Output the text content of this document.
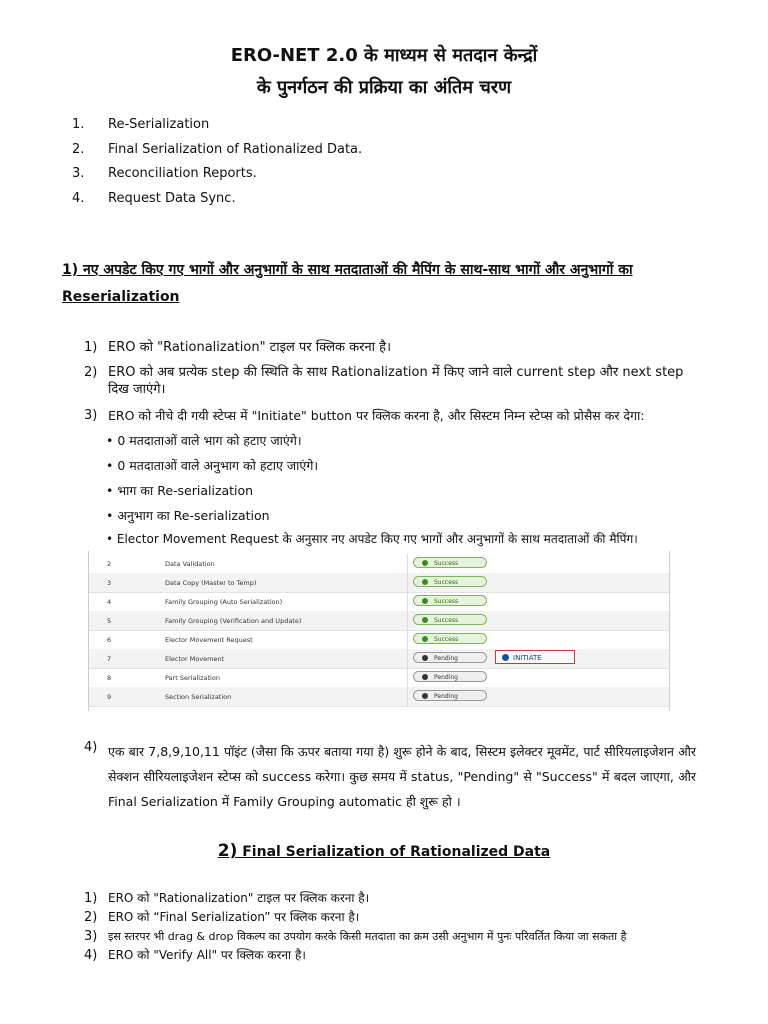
ERO-NET 2.0 के माध्यम से मतदान केन्द्रों
के पुनर्गठन की प्रक्रिया का अंतिम चरण
1. Re-Serialization
2. Final Serialization of Rationalized Data.
3. Reconciliation Reports.
4. Request Data Sync.
1) नए अपडेट किए गए भागों और अनुभागों के साथ मतदाताओं की मैपिंग के साथ-साथ भागों और अनुभागों का
Reserialization
1) ERO को "Rationalization" टाइल पर क्लिक करना है।
2) ERO को अब प्रत्येक step की स्थिति के साथ Rationalization में किए जाने वाले current step और next step दिख जाएंगे।
3) ERO को नीचे दी गयी स्टेप्स में "Initiate" button पर क्लिक करना है, और सिस्टम निम्न स्टेप्स को प्रोसैस कर देगा:
• 0 मतदाताओं वाले भाग को हटाए जाएंगे।
• 0 मतदाताओं वाले अनुभाग को हटाए जाएंगे।
• भाग का Re-serialization
• अनुभाग का Re-serialization
• Elector Movement Request के अनुसार नए अपडेट किए गए भागों और अनुभागों के साथ मतदाताओं की मैपिंग।
2	Data Validation	Success
3	Data Copy (Master to Temp)	Success
4	Family Grouping (Auto Serialization)	Success
5	Family Grouping (Verification and Update)	Success
6	Elector Movement Request	Success
7	Elector Movement	Pending	INITIATE
8	Part Serialization	Pending
9	Section Serialization	Pending
4) एक बार 7,8,9,10,11 पॉइंट (जैसा कि ऊपर बताया गया है) शुरू होने के बाद, सिस्टम इलेक्टर मूवमेंट, पार्ट सीरियलाइजेशन और सेक्शन सीरियलाइजेशन स्टेप्स को success करेगा। कुछ समय में status, "Pending" से "Success" में बदल जाएगा, और Final Serialization में Family Grouping automatic ही शुरू हो ।
2) Final Serialization of Rationalized Data
1) ERO को "Rationalization" टाइल पर क्लिक करना है।
2) ERO को “Final Serialization” पर क्लिक करना है।
3) इस स्तरपर भी drag & drop विकल्प का उपयोग करके किसी मतदाता का क्रम उसी अनुभाग में पुनः परिवर्तित किया जा सकता है
4) ERO को "Verify All" पर क्लिक करना है।
